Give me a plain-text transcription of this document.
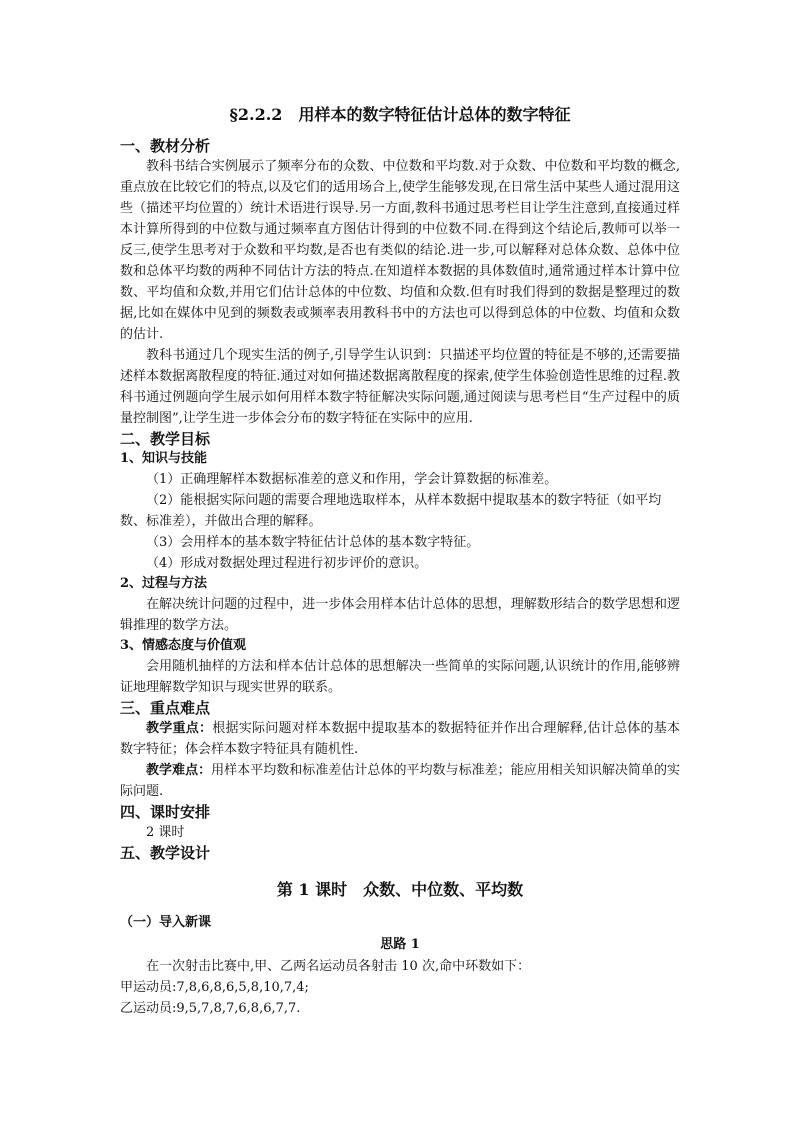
§2.2.2　用样本的数字特征估计总体的数字特征

一、教材分析

教科书结合实例展示了频率分布的众数、中位数和平均数.对于众数、中位数和平均数的概念,重点放在比较它们的特点,以及它们的适用场合上,使学生能够发现,在日常生活中某些人通过混用这些（描述平均位置的）统计术语进行误导.另一方面,教科书通过思考栏目让学生注意到,直接通过样本计算所得到的中位数与通过频率直方图估计得到的中位数不同.在得到这个结论后,教师可以举一反三,使学生思考对于众数和平均数,是否也有类似的结论.进一步,可以解释对总体众数、总体中位数和总体平均数的两种不同估计方法的特点.在知道样本数据的具体数值时,通常通过样本计算中位数、平均值和众数,并用它们估计总体的中位数、均值和众数.但有时我们得到的数据是整理过的数据,比如在媒体中见到的频数表或频率表用教科书中的方法也可以得到总体的中位数、均值和众数的估计.

教科书通过几个现实生活的例子,引导学生认识到：只描述平均位置的特征是不够的,还需要描述样本数据离散程度的特征.通过对如何描述数据离散程度的探索,使学生体验创造性思维的过程.教科书通过例题向学生展示如何用样本数字特征解决实际问题,通过阅读与思考栏目“生产过程中的质量控制图”,让学生进一步体会分布的数字特征在实际中的应用.

二、教学目标

1、知识与技能

（1）正确理解样本数据标准差的意义和作用，学会计算数据的标准差。

（2）能根据实际问题的需要合理地选取样本，从样本数据中提取基本的数字特征（如平均数、标准差），并做出合理的解释。

（3）会用样本的基本数字特征估计总体的基本数字特征。

（4）形成对数据处理过程进行初步评价的意识。

2、过程与方法

在解决统计问题的过程中，进一步体会用样本估计总体的思想，理解数形结合的数学思想和逻辑推理的数学方法。

3、情感态度与价值观

会用随机抽样的方法和样本估计总体的思想解决一些简单的实际问题,认识统计的作用,能够辨证地理解数学知识与现实世界的联系。

三、重点难点

教学重点：根据实际问题对样本数据中提取基本的数据特征并作出合理解释,估计总体的基本数字特征；体会样本数字特征具有随机性.

教学难点：用样本平均数和标准差估计总体的平均数与标准差；能应用相关知识解决简单的实际问题.

四、课时安排

2 课时

五、教学设计

第 1 课时　众数、中位数、平均数

（一）导入新课

思路 1

在一次射击比赛中,甲、乙两名运动员各射击 10 次,命中环数如下：

甲运动员:7,8,6,8,6,5,8,10,7,4;

乙运动员:9,5,7,8,7,6,8,6,7,7.
